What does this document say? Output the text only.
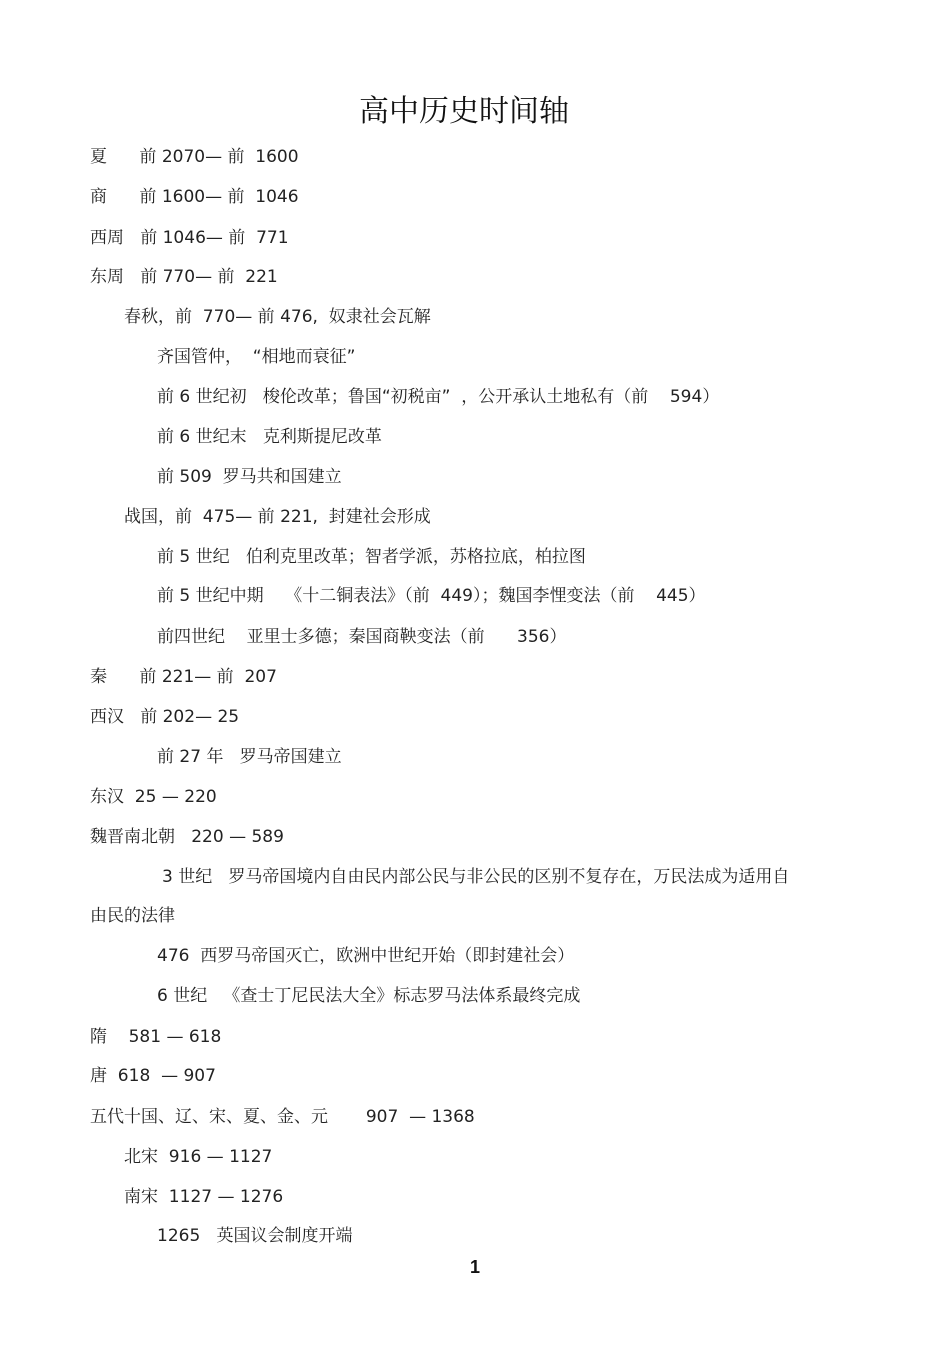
高中历史时间轴
夏      前 2070— 前  1600
商      前 1600— 前  1046
西周   前 1046— 前  771
东周   前 770— 前  221
春秋，前  770— 前 476,  奴隶社会瓦解
齐国管仲，  “相地而衰征”
前 6 世纪初   梭伦改革；鲁国“初税亩”  ，公开承认土地私有（前    594）
前 6 世纪末   克利斯提尼改革
前 509  罗马共和国建立
战国，前  475— 前 221,  封建社会形成
前 5 世纪   伯利克里改革；智者学派，苏格拉底，柏拉图
前 5 世纪中期    《十二铜表法》（前  449）；魏国李悝变法（前    445）
前四世纪    亚里士多德；秦国商鞅变法（前      356）
秦      前 221— 前  207
西汉   前 202— 25
前 27 年   罗马帝国建立
东汉  25 — 220
魏晋南北朝   220 — 589
3 世纪   罗马帝国境内自由民内部公民与非公民的区别不复存在，万民法成为适用自
由民的法律
476  西罗马帝国灭亡，欧洲中世纪开始（即封建社会）
6 世纪   《查士丁尼民法大全》标志罗马法体系最终完成
隋    581 — 618
唐  618  — 907
五代十国、辽、宋、夏、金、元       907  — 1368
北宋  916 — 1127
南宋  1127 — 1276
1265   英国议会制度开端
1
